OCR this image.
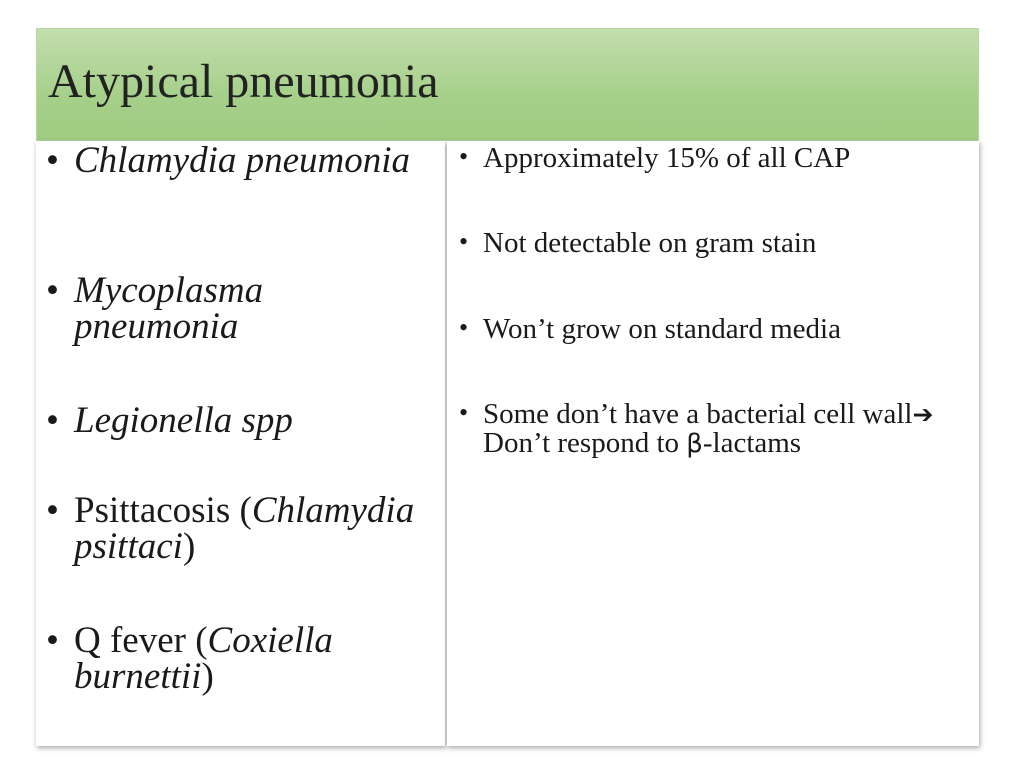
Atypical pneumonia
• Chlamydia pneumonia
• Mycoplasma pneumonia
• Legionella spp
• Psittacosis (Chlamydia psittaci)
• Q fever (Coxiella burnettii)
• Approximately 15% of all CAP
• Not detectable on gram stain
• Won’t grow on standard media
• Some don’t have a bacterial cell wall➔ Don’t respond to β-lactams
